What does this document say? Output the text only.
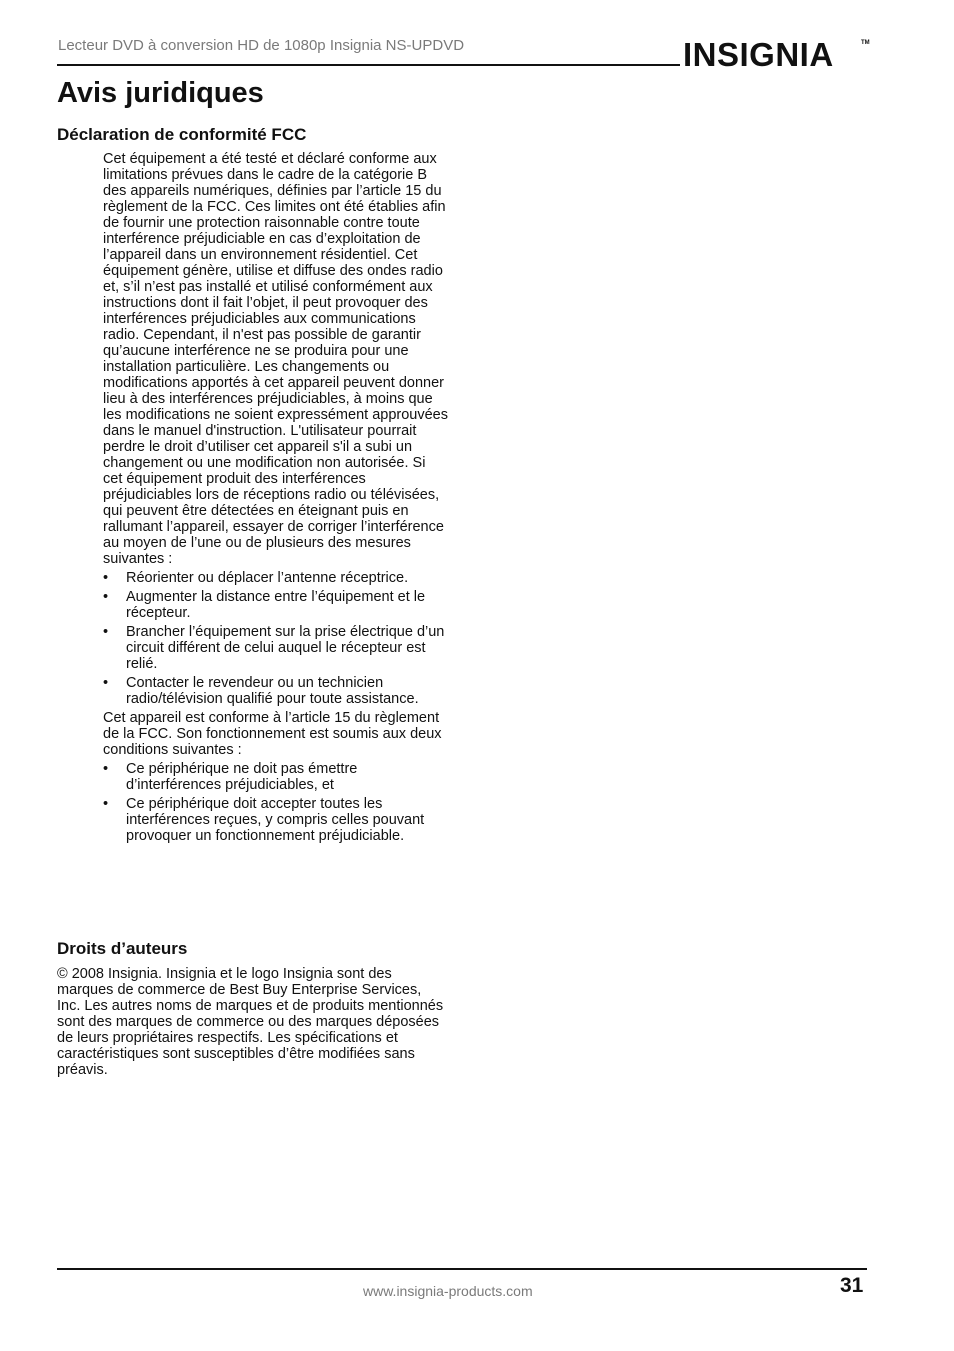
Lecteur DVD à conversion HD de 1080p Insignia NS-UPDVD	INSIGNIA	TM
Avis juridiques
Déclaration de conformité FCC

Cet équipement a été testé et déclaré conforme aux limitations prévues dans le cadre de la catégorie B des appareils numériques, définies par l’article 15 du règlement de la FCC. Ces limites ont été établies afin de fournir une protection raisonnable contre toute interférence préjudiciable en cas d’exploitation de l’appareil dans un environnement résidentiel. Cet équipement génère, utilise et diffuse des ondes radio et, s’il n’est pas installé et utilisé conformément aux instructions dont il fait l’objet, il peut provoquer des interférences préjudiciables aux communications radio. Cependant, il n'est pas possible de garantir qu’aucune interférence ne se produira pour une installation particulière. Les changements ou modifications apportés à cet appareil peuvent donner lieu à des interférences préjudiciables, à moins que les modifications ne soient expressément approuvées dans le manuel d'instruction. L'utilisateur pourrait perdre le droit d’utiliser cet appareil s'il a subi un changement ou une modification non autorisée. Si cet équipement produit des interférences préjudiciables lors de réceptions radio ou télévisées, qui peuvent être détectées en éteignant puis en rallumant l’appareil, essayer de corriger l’interférence au moyen de l’une ou de plusieurs des mesures suivantes :

• Réorienter ou déplacer l’antenne réceptrice.
• Augmenter la distance entre l’équipement et le récepteur.
• Brancher l’équipement sur la prise électrique d’un circuit différent de celui auquel le récepteur est relié.
• Contacter le revendeur ou un technicien radio/télévision qualifié pour toute assistance.

Cet appareil est conforme à l’article 15 du règlement de la FCC. Son fonctionnement est soumis aux deux conditions suivantes :

• Ce périphérique ne doit pas émettre d’interférences préjudiciables, et
• Ce périphérique doit accepter toutes les interférences reçues, y compris celles pouvant provoquer un fonctionnement préjudiciable.
Droits d’auteurs

© 2008 Insignia. Insignia et le logo Insignia sont des marques de commerce de Best Buy Enterprise Services, Inc. Les autres noms de marques et de produits mentionnés sont des marques de commerce ou des marques déposées de leurs propriétaires respectifs. Les spécifications et caractéristiques sont susceptibles d’être modifiées sans préavis.

www.insignia-products.com	31
